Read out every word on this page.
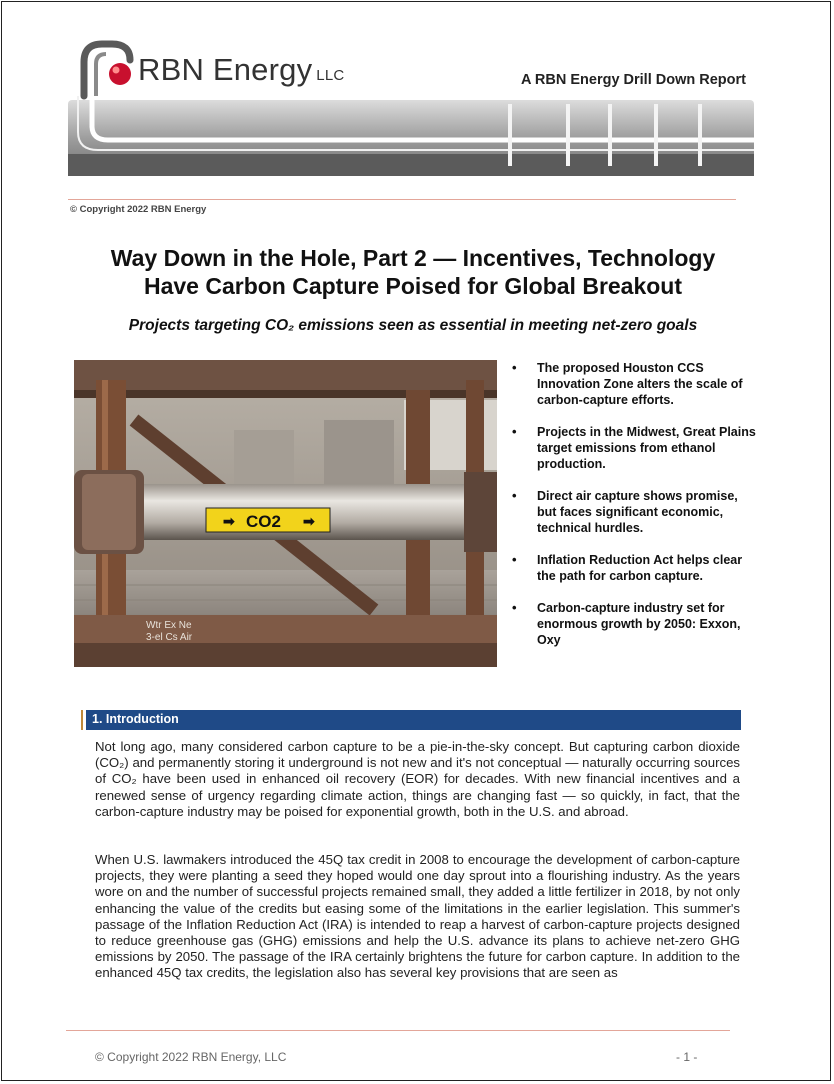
RBN Energy LLC	A RBN Energy Drill Down Report
© Copyright 2022 RBN Energy
Way Down in the Hole, Part 2 — Incentives, Technology
Have Carbon Capture Poised for Global Breakout
Projects targeting CO₂ emissions seen as essential in meeting net-zero goals
➡ CO2 ➡
Wtr Ex Ne
3-el Cs Air
• The proposed Houston CCS Innovation Zone alters the scale of carbon-capture efforts.
• Projects in the Midwest, Great Plains target emissions from ethanol production.
• Direct air capture shows promise, but faces significant economic, technical hurdles.
• Inflation Reduction Act helps clear the path for carbon capture.
• Carbon-capture industry set for enormous growth by 2050: Exxon, Oxy
1. Introduction

Not long ago, many considered carbon capture to be a pie-in-the-sky concept. But capturing carbon dioxide (CO₂) and permanently storing it underground is not new and it's not conceptual — naturally occurring sources of CO₂ have been used in enhanced oil recovery (EOR) for decades. With new financial incentives and a renewed sense of urgency regarding climate action, things are changing fast — so quickly, in fact, that the carbon-capture industry may be poised for exponential growth, both in the U.S. and abroad.

When U.S. lawmakers introduced the 45Q tax credit in 2008 to encourage the development of carbon-capture projects, they were planting a seed they hoped would one day sprout into a flourishing industry. As the years wore on and the number of successful projects remained small, they added a little fertilizer in 2018, by not only enhancing the value of the credits but easing some of the limitations in the earlier legislation. This summer's passage of the Inflation Reduction Act (IRA) is intended to reap a harvest of carbon-capture projects designed to reduce greenhouse gas (GHG) emissions and help the U.S. advance its plans to achieve net-zero GHG emissions by 2050. The passage of the IRA certainly brightens the future for carbon capture. In addition to the enhanced 45Q tax credits, the legislation also has several key provisions that are seen as

© Copyright 2022 RBN Energy, LLC	- 1 -
